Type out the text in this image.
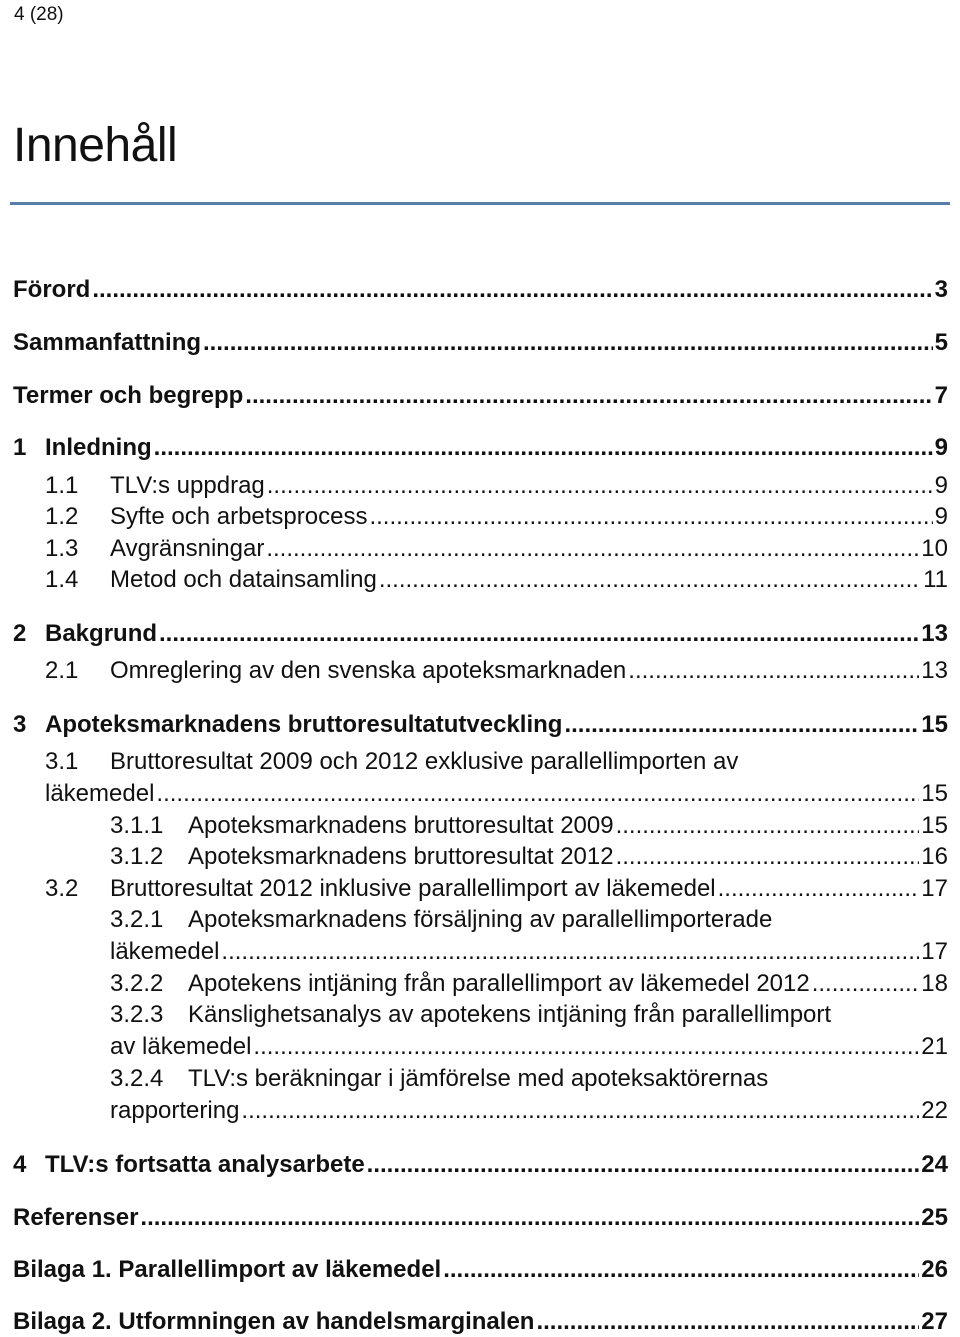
4 (28)
Innehåll
Förord .....	3
Sammanfattning .....	5
Termer och begrepp .....	7
1 Inledning .....	9
1.1	TLV:s uppdrag .....	9
1.2	Syfte och arbetsprocess .....	9
1.3	Avgränsningar .....	10
1.4	Metod och datainsamling .....	11
2 Bakgrund .....	13
2.1	Omreglering av den svenska apoteksmarknaden .....	13
3 Apoteksmarknadens bruttoresultatutveckling .....	15
3.1	Bruttoresultat 2009 och 2012 exklusive parallellimporten av
läkemedel .....	15
3.1.1	Apoteksmarknadens bruttoresultat 2009 .....	15
3.1.2	Apoteksmarknadens bruttoresultat 2012 .....	16
3.2	Bruttoresultat 2012 inklusive parallellimport av läkemedel .....	17
3.2.1	Apoteksmarknadens försäljning av parallellimporterade
läkemedel .....	17
3.2.2	Apotekens intjäning från parallellimport av läkemedel 2012 .....	18
3.2.3	Känslighetsanalys av apotekens intjäning från parallellimport
av läkemedel .....	21
3.2.4	TLV:s beräkningar i jämförelse med apoteksaktörernas
rapportering .....	22
4 TLV:s fortsatta analysarbete .....	24
Referenser .....	25
Bilaga 1. Parallellimport av läkemedel .....	26
Bilaga 2. Utformningen av handelsmarginalen .....	27
